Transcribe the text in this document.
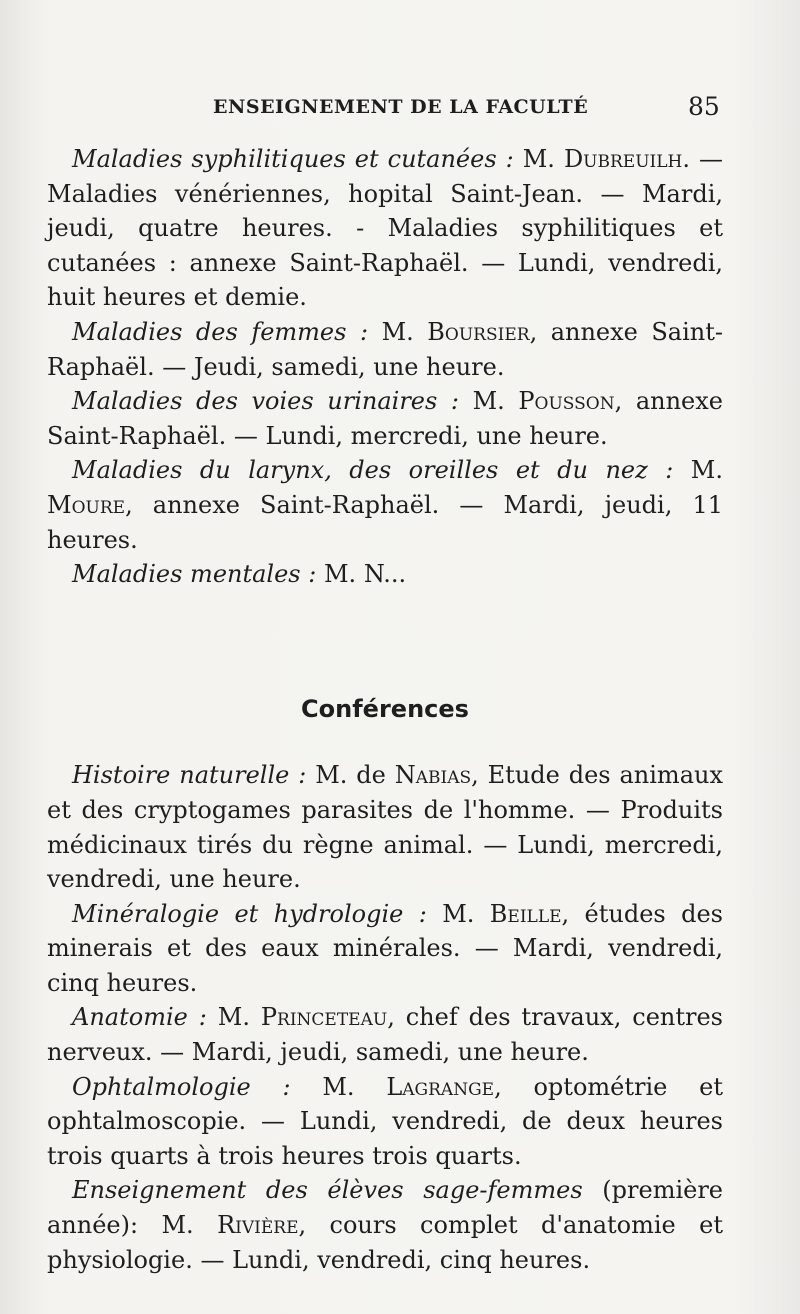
ENSEIGNEMENT DE LA FACULTÉ	85

Maladies syphilitiques et cutanées : M. Dubreuilh. — Maladies vénériennes, hopital Saint-Jean. — Mardi, jeudi, quatre heures. - Maladies syphilitiques et cutanées : annexe Saint-Raphaël. — Lundi, vendredi, huit heures et demie.

Maladies des femmes : M. Boursier, annexe Saint-Raphaël. — Jeudi, samedi, une heure.

Maladies des voies urinaires : M. Pousson, annexe Saint-Raphaël. — Lundi, mercredi, une heure.

Maladies du larynx, des oreilles et du nez : M. Moure, annexe Saint-Raphaël. — Mardi, jeudi, 11 heures.

Maladies mentales : M. N...

Conférences

Histoire naturelle : M. de Nabias, Etude des animaux et des cryptogames parasites de l'homme. — Produits médicinaux tirés du règne animal. — Lundi, mercredi, vendredi, une heure.

Minéralogie et hydrologie : M. Beille, études des minerais et des eaux minérales. — Mardi, vendredi, cinq heures.

Anatomie : M. Princeteau, chef des travaux, centres nerveux. — Mardi, jeudi, samedi, une heure.

Ophtalmologie : M. Lagrange, optométrie et ophtalmoscopie. — Lundi, vendredi, de deux heures trois quarts à trois heures trois quarts.

Enseignement des élèves sage-femmes (première année): M. Rivière, cours complet d'anatomie et physiologie. — Lundi, vendredi, cinq heures.
